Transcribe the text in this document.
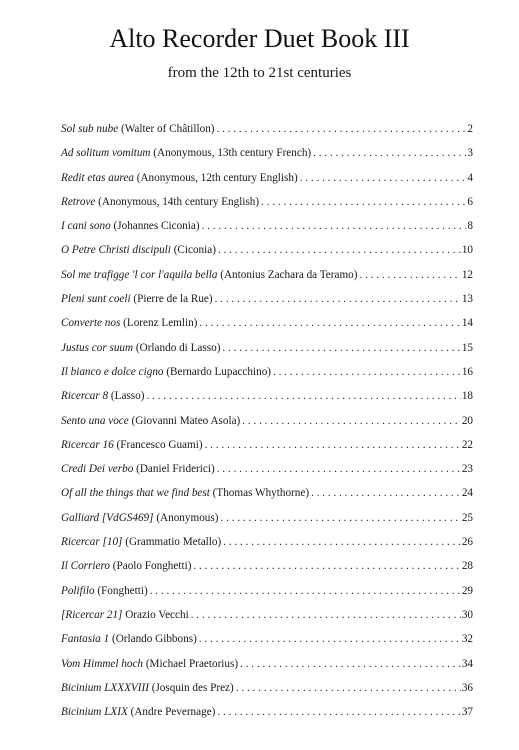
Alto Recorder Duet Book III
from the 12th to 21st centuries
Sol sub nube
(Walter of Châtillon) . . .	2
Ad solitum vomitum
(Anonymous, 13th century French) . . .	3
Redit etas aurea
(Anonymous, 12th century English) . . .	4
Retrove
(Anonymous, 14th century English) . . .	6
I cani sono
(Johannes Ciconia) . . .	8
O Petre Christi discipuli
(Ciconia) . . .	10
Sol me trafigge 'l cor l'aquila bella
(Antonius Zachara da Teramo) . . .	12
Pleni sunt coeli
(Pierre de la Rue) . . .	13
Converte nos
(Lorenz Lemlin) . . .	14
Justus cor suum
(Orlando di Lasso) . . .	15
Il bianco e dolce cigno
(Bernardo Lupacchino) . . .	16
Ricercar 8
(Lasso) . . .	18
Sento una voce
(Giovanni Mateo Asola) . . .	20
Ricercar 16
(Francesco Guami) . . .	22
Credi Dei verbo
(Daniel Friderici) . . .	23
Of all the things that we find best
(Thomas Whythorne) . . .	24
Galliard [VdGS469]
(Anonymous) . . .	25
Ricercar [10]
(Grammatio Metallo) . . .	26
Il Corriero
(Paolo Fonghetti) . . .	28
Polifilo
(Fonghetti) . . .	29
[Ricercar 21]
Orazio Vecchi . . .	30
Fantasia 1
(Orlando Gibbons) . . .	32
Vom Himmel hoch
(Michael Praetorius) . . .	34
Bicinium LXXXVIII
(Josquin des Prez) . . .	36
Bicinium LXIX
(Andre Pevernage) . . .	37
